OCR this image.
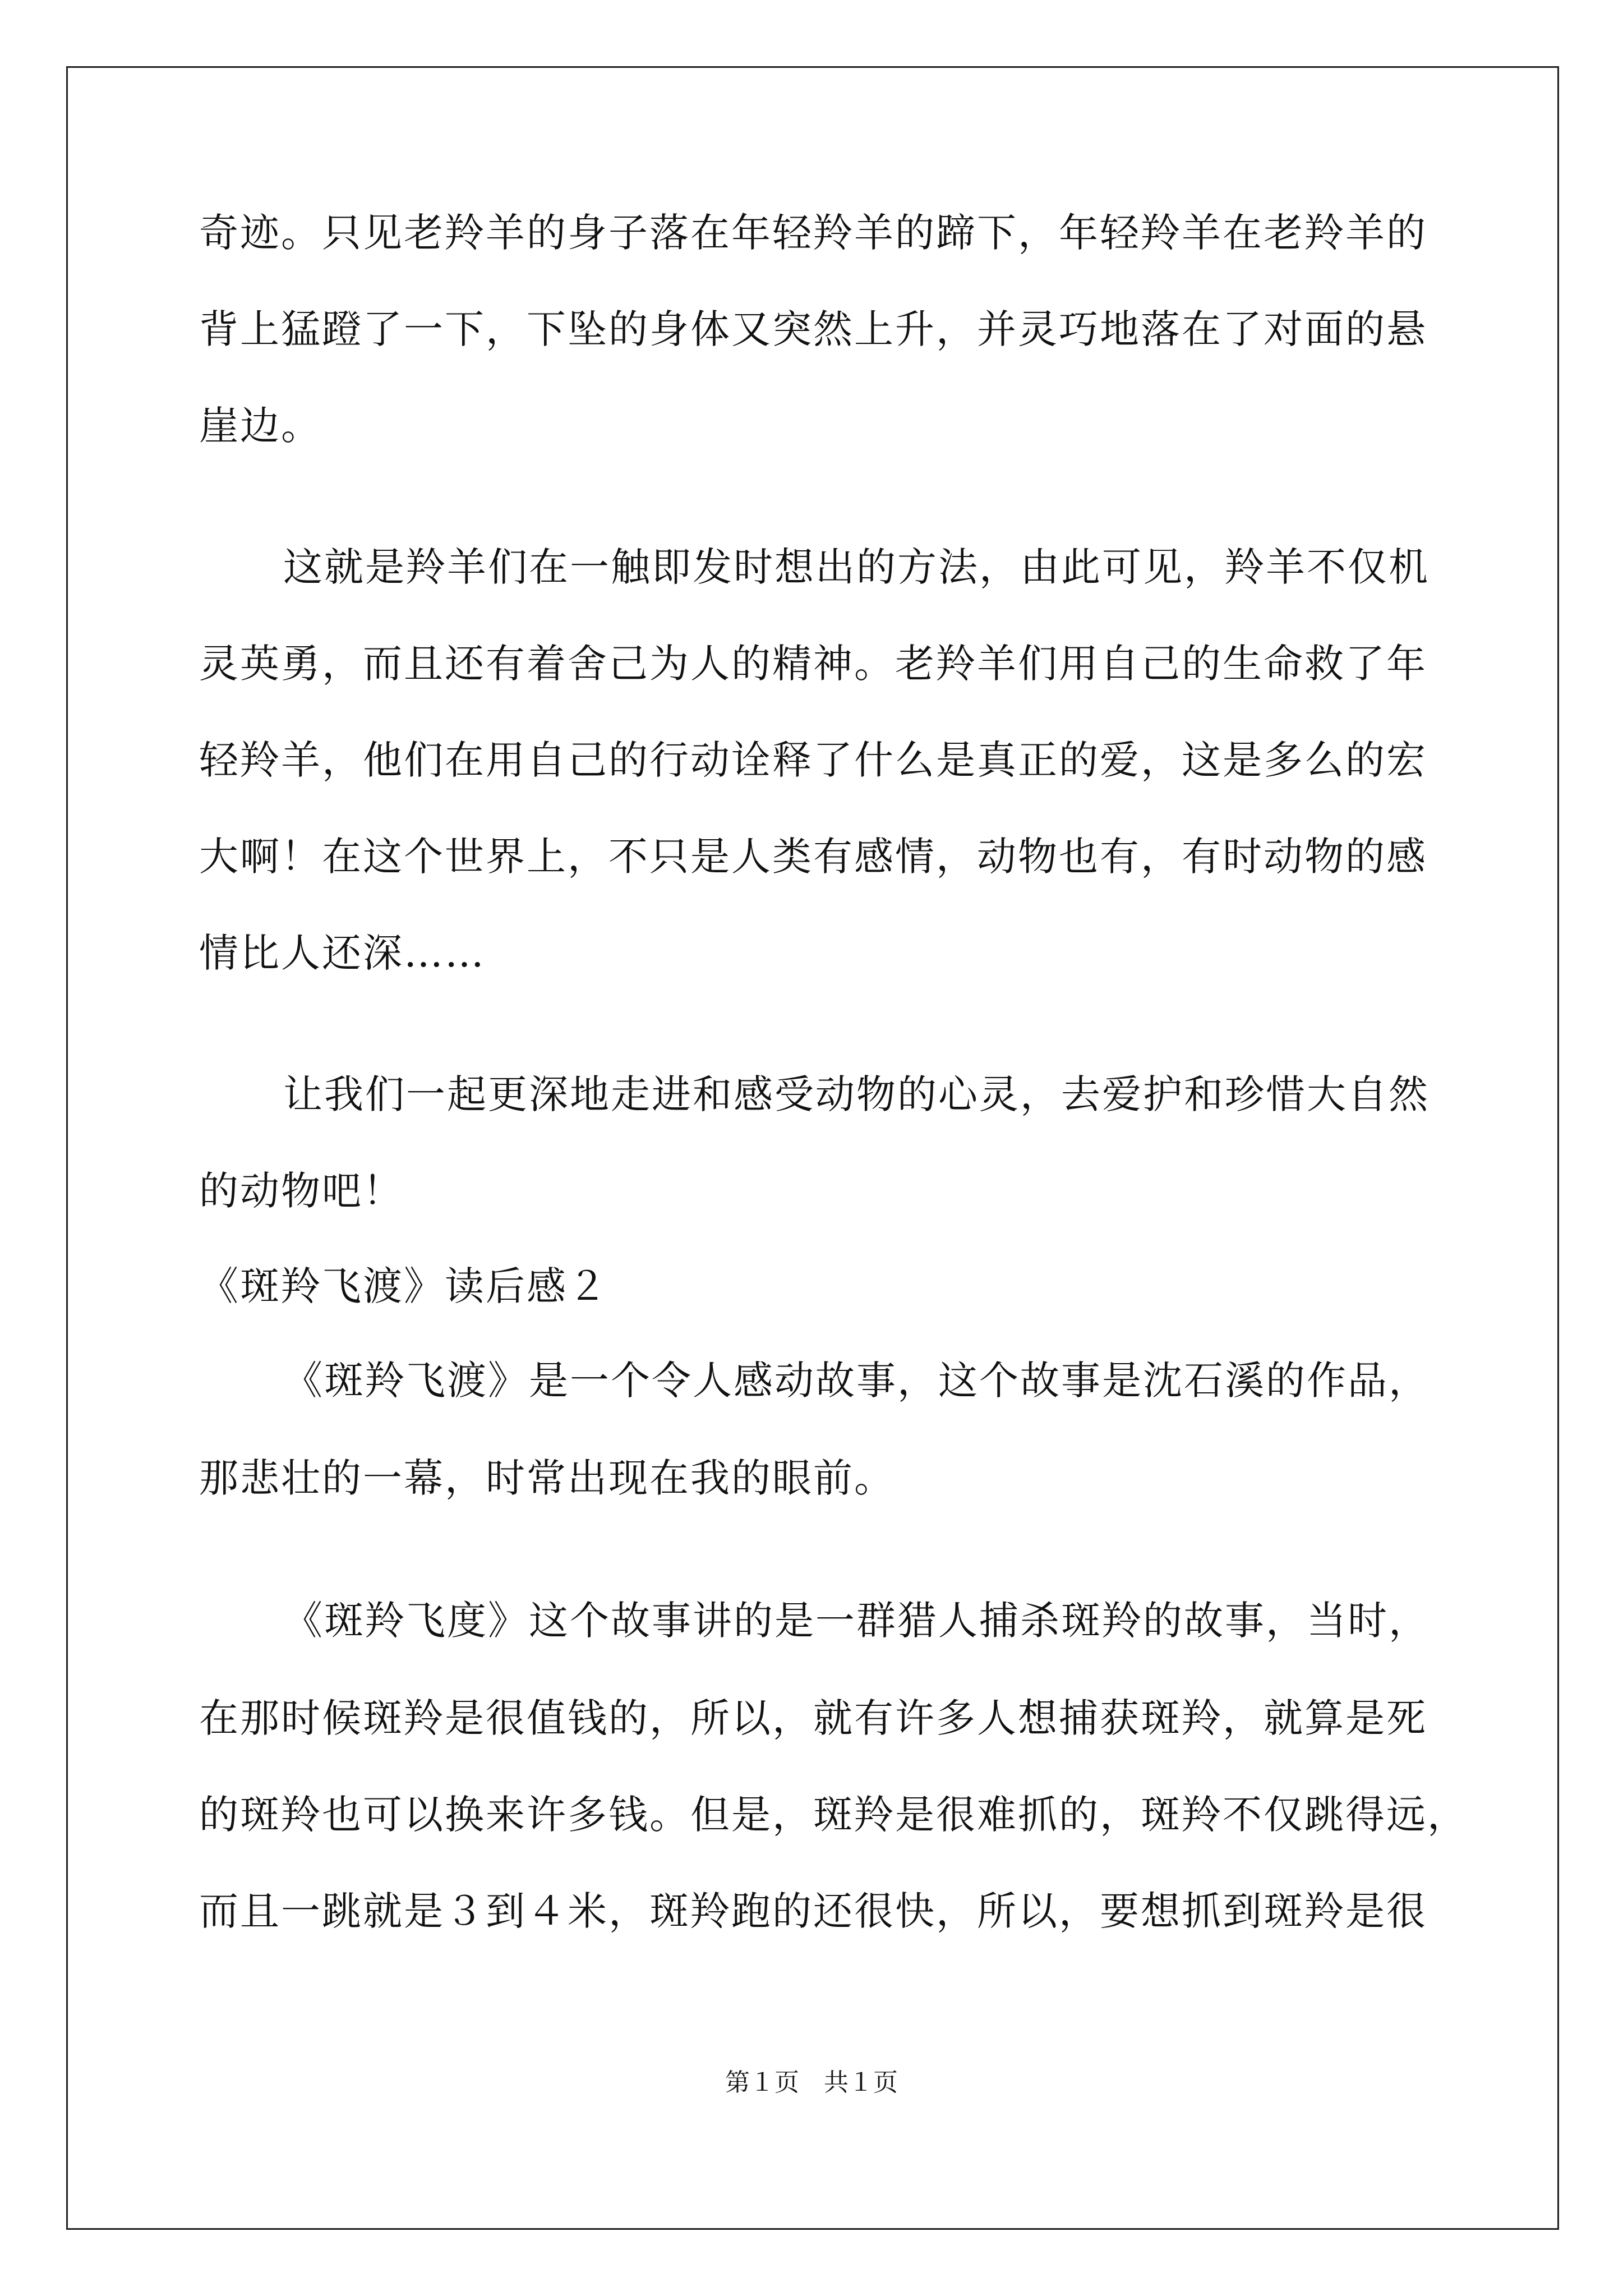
奇迹。只见老羚羊的身子落在年轻羚羊的蹄下，年轻羚羊在老羚羊的
背上猛蹬了一下，下坠的身体又突然上升，并灵巧地落在了对面的悬
崖边。
这就是羚羊们在一触即发时想出的方法，由此可见，羚羊不仅机
灵英勇，而且还有着舍己为人的精神。老羚羊们用自己的生命救了年
轻羚羊，他们在用自己的行动诠释了什么是真正的爱，这是多么的宏
大啊！在这个世界上，不只是人类有感情，动物也有，有时动物的感
情比人还深……
让我们一起更深地走进和感受动物的心灵，去爱护和珍惜大自然
的动物吧！
《斑羚飞渡》读后感２
《斑羚飞渡》是一个令人感动故事，这个故事是沈石溪的作品，
那悲壮的一幕，时常出现在我的眼前。
《斑羚飞度》这个故事讲的是一群猎人捕杀斑羚的故事，当时，
在那时候斑羚是很值钱的，所以，就有许多人想捕获斑羚，就算是死
的斑羚也可以换来许多钱。但是，斑羚是很难抓的，斑羚不仅跳得远，
而且一跳就是３到４米，斑羚跑的还很快，所以，要想抓到斑羚是很
第１页　共１页
